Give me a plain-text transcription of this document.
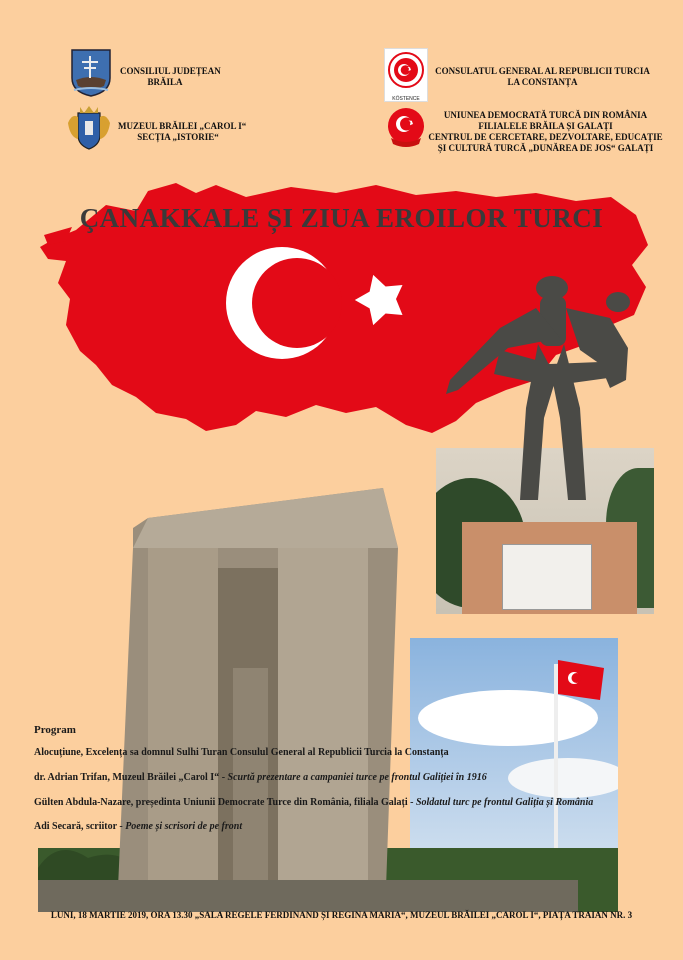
CONSILIUL JUDEȚEAN
BRĂILA
MUZEUL BRĂILEI „CAROL I“
SECȚIA „ISTORIE“
KÖSTENCE
CONSULATUL GENERAL AL REPUBLICII TURCIA
LA CONSTANȚA
UNIUNEA DEMOCRATĂ TURCĂ DIN ROMÂNIA
FILIALELE BRĂILA ȘI GALAȚI
CENTRUL DE CERCETARE, DEZVOLTARE, EDUCAȚIE
ȘI CULTURĂ TURCĂ „DUNĂREA DE JOS“ GALAȚI
ÇANAKKALE ȘI ZIUA EROILOR TURCI
Program
Alocuțiune, Excelența sa domnul Sulhi Turan Consulul General al Republicii Turcia la Constanța
dr. Adrian Trifan, Muzeul Brăilei „Carol I“ - Scurtă prezentare a campaniei turce pe frontul Galiției în 1916
Gülten Abdula-Nazare, președinta Uniunii Democrate Turce din România, filiala Galați - Soldatul turc pe frontul Galiția și România
Adi Secară, scriitor - Poeme și scrisori de pe front
LUNI, 18 MARTIE 2019, ORA 13.30 „SALA REGELE FERDINAND ȘI REGINA MARIA“, MUZEUL BRĂILEI „CAROL I“, PIAȚA TRAIAN NR. 3
